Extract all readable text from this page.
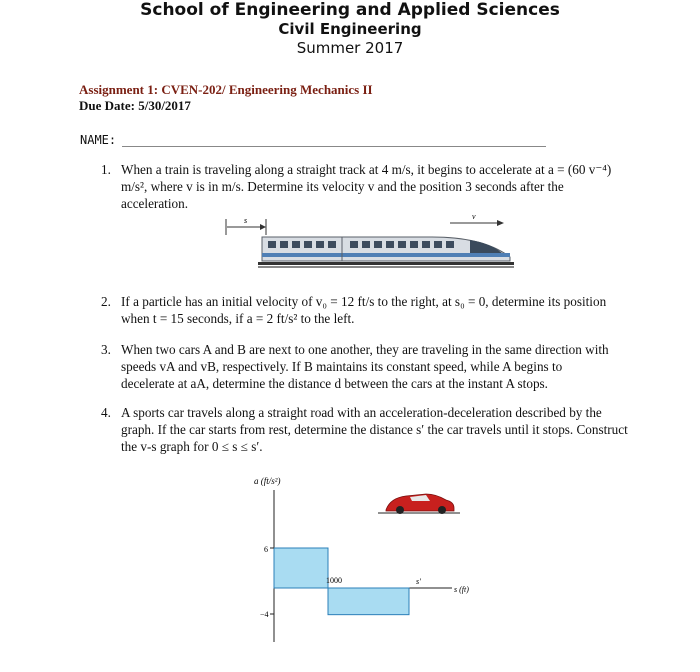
School of Engineering and Applied Sciences
Civil Engineering
Summer 2017
Assignment 1: CVEN-202/ Engineering Mechanics II
Due Date: 5/30/2017
NAME:
1. When a train is traveling along a straight track at 4 m/s, it begins to accelerate at a = (60 v⁻⁴) m/s², where v is in m/s. Determine its velocity v and the position 3 seconds after the acceleration.
s	v
2. If a particle has an initial velocity of v₀ = 12 ft/s to the right, at s₀ = 0, determine its position when t = 15 seconds, if a = 2 ft/s² to the left.
3. When two cars A and B are next to one another, they are traveling in the same direction with speeds vA and vB, respectively. If B maintains its constant speed, while A begins to decelerate at aA, determine the distance d between the cars at the instant A stops.
4. A sports car travels along a straight road with an acceleration-deceleration described by the graph. If the car starts from rest, determine the distance s′ the car travels until it stops. Construct the v-s graph for 0 ≤ s ≤ s′.
a (ft/s²)
6
−4
1000	s′
s (ft)
